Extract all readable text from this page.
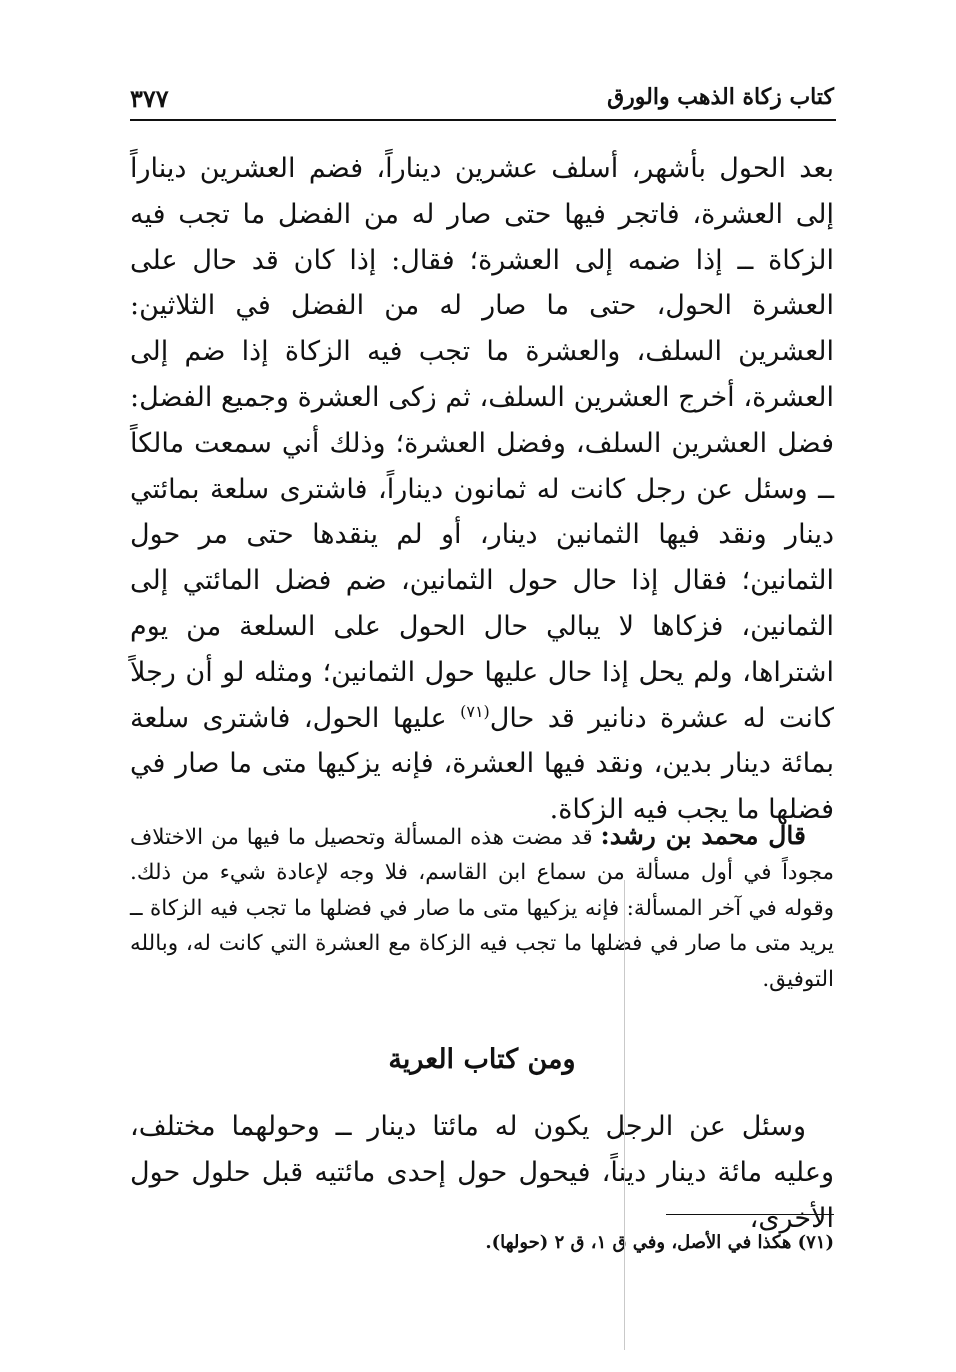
كتاب زكاة الذهب والورق
٣٧٧

بعد الحول بأشهر، أسلف عشرين ديناراً، فضم العشرين ديناراً إلى العشرة، فاتجر فيها حتى صار له من الفضل ما تجب فيه الزكاة ــ إذا ضمه إلى العشرة؛ فقال: إذا كان قد حال على العشرة الحول، حتى ما صار له من الفضل في الثلاثين: العشرين السلف، والعشرة ما تجب فيه الزكاة إذا ضم إلى العشرة، أخرج العشرين السلف، ثم زكى العشرة وجميع الفضل: فضل العشرين السلف، وفضل العشرة؛ وذلك أني سمعت مالكاً ــ وسئل عن رجل كانت له ثمانون ديناراً، فاشترى سلعة بمائتي دينار ونقد فيها الثمانين دينار، أو لم ينقدها حتى مر حول الثمانين؛ فقال إذا حال حول الثمانين، ضم فضل المائتي إلى الثمانين، فزكاها لا يبالي حال الحول على السلعة من يوم اشتراها، ولم يحل إذا حال عليها حول الثمانين؛ ومثله لو أن رجلاً كانت له عشرة دنانير قد حال$^{(٧١)}$ عليها الحول، فاشترى سلعة بمائة دينار بدين، ونقد فيها العشرة، فإنه يزكيها متى ما صار في فضلها ما يجب فيه الزكاة.

قال محمد بن رشد: قد مضت هذه المسألة وتحصيل ما فيها من الاختلاف مجوداً في أول مسألة من سماع ابن القاسم، فلا وجه لإعادة شيء من ذلك. وقوله في آخر المسألة: فإنه يزكيها متى ما صار في فضلها ما تجب فيه الزكاة ــ يريد متى ما صار في فضلها ما تجب فيه الزكاة مع العشرة التي كانت له، وبالله التوفيق.

ومن كتاب العرية

وسئل عن الرجل يكون له مائتا دينار ــ وحولهما مختلف، وعليه مائة دينار ديناً، فيحول حول إحدى مائتيه قبل حلول حول الأخرى،

(٧١) هكذا في الأصل، وفي ق ١، ق ٢ (حولها).
